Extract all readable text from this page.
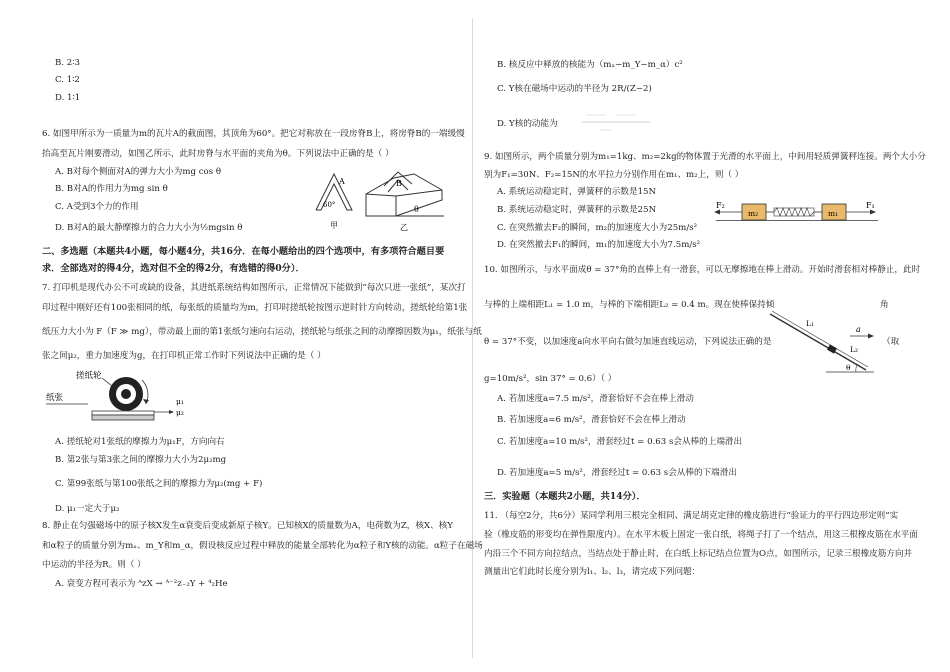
B. 2∶3
C. 1∶2
D. 1∶1
6. 如图甲所示为一质量为m的瓦片A的截面图，其顶角为60°。把它对称放在一段房脊B上，将房脊B的一端缓慢
抬高至瓦片刚要滑动，如图乙所示，此时房脊与水平面的夹角为θ。下列说法中正确的是（ ）
A. B对每个侧面对A的弹力大小为mg cos θ
B. B对A的作用力为mg sin θ
C. A受到3个力的作用
D. B对A的最大静摩擦力的合力大小为½mgsin θ
A
60°
甲
B
θ
乙
二、多选题（本题共4小题，每小题4分，共16分．在每小题给出的四个选项中，有多项符合题目要
求．全部选对的得4分，选对但不全的得2分，有选错的得0分）．
7. 打印机是现代办公不可或缺的设备，其进纸系统结构如图所示，正常情况下能做到“每次只进一张纸”，某次打
印过程中刚好还有100张相同的纸，每张纸的质量均为m，打印时搓纸轮按图示逆时针方向转动，搓纸轮给第1张
纸压力大小为 F（F ≫ mg），带动最上面的第1张纸匀速向右运动，搓纸轮与纸张之间的动摩擦因数为μ₁，纸张与纸
张之间μ₂，重力加速度为g，在打印机正常工作时下列说法中正确的是（ ）
搓纸轮
纸张	μ₁
μ₂
A. 搓纸轮对1张纸的摩擦力为μ₁F，方向向右
B. 第2张与第3张之间的摩擦力大小为2μ₂mg
C. 第99张纸与第100张纸之间的摩擦力为μ₂(mg + F)
D. μ₁一定大于μ₂
8. 静止在匀强磁场中的原子核X发生α衰变后变成新原子核Y。已知核X的质量数为A，电荷数为Z，核X、核Y
和α粒子的质量分别为mₓ、m_Y和m_α，假设核反应过程中释放的能量全部转化为α粒子和Y核的动能。α粒子在磁场
中运动的半径为R。则（ ）
A. 衰变方程可表示为 ᴬzX → ᴬ⁻²z₋₂Y + ⁴₂He
B. 核反应中释放的核能为（mₓ−m_Y−m_α）c²
C. Y核在磁场中运动的半径为 2R/(Z−2)
D. Y核的动能为
9. 如图所示，两个质量分别为m₁=1kg、m₂=2kg的物体置于光滑的水平面上，中间用轻质弹簧秤连接。两个大小分
别为F₁=30N、F₂=15N的水平拉力分别作用在m₁、m₂上，则（ ）
A. 系统运动稳定时，弹簧秤的示数是15N
B. 系统运动稳定时，弹簧秤的示数是25N
C. 在突然撤去F₂的瞬间，m₂的加速度大小为25m/s²
D. 在突然撤去F₁的瞬间，m₁的加速度大小为7.5m/s²
F₂
m₂	m₁
F₁
10. 如图所示，与水平面成θ = 37°角的直棒上有一滑套，可以无摩擦地在棒上滑动。开始时滑套相对棒静止，此时
与棒的上端相距L₁ = 1.0 m，与棒的下端相距L₂ = 0.4 m。现在使棒保持倾	角
θ = 37°不变，以加速度a向水平向右做匀加速直线运动，下列说法正确的是	（取
g=10m/s²，sin 37° = 0.6）（ ）
L₁
L₂
a
θ
A. 若加速度a=7.5 m/s²，滑套恰好不会在棒上滑动
B. 若加速度a=6 m/s²，滑套恰好不会在棒上滑动
C. 若加速度a=10 m/s²，滑套经过t = 0.63 s会从棒的上端滑出
D. 若加速度a=5 m/s²，滑套经过t = 0.63 s会从棒的下端滑出
三．实验题（本题共2小题，共14分）．
11. （每空2分，共6分）某同学利用三根完全相同、满足胡克定律的橡皮筋进行“验证力的平行四边形定则”实
验（橡皮筋的形变均在弹性限度内）。在水平木板上固定一张白纸，将绳子打了一个结点，用这三根橡皮筋在水平面
内沿三个不同方向拉结点，当结点处于静止时，在白纸上标记结点位置为O点，如图所示，记录三根橡皮筋方向并
测量出它们此时长度分别为l₁、l₂、l₃，请完成下列问题：
